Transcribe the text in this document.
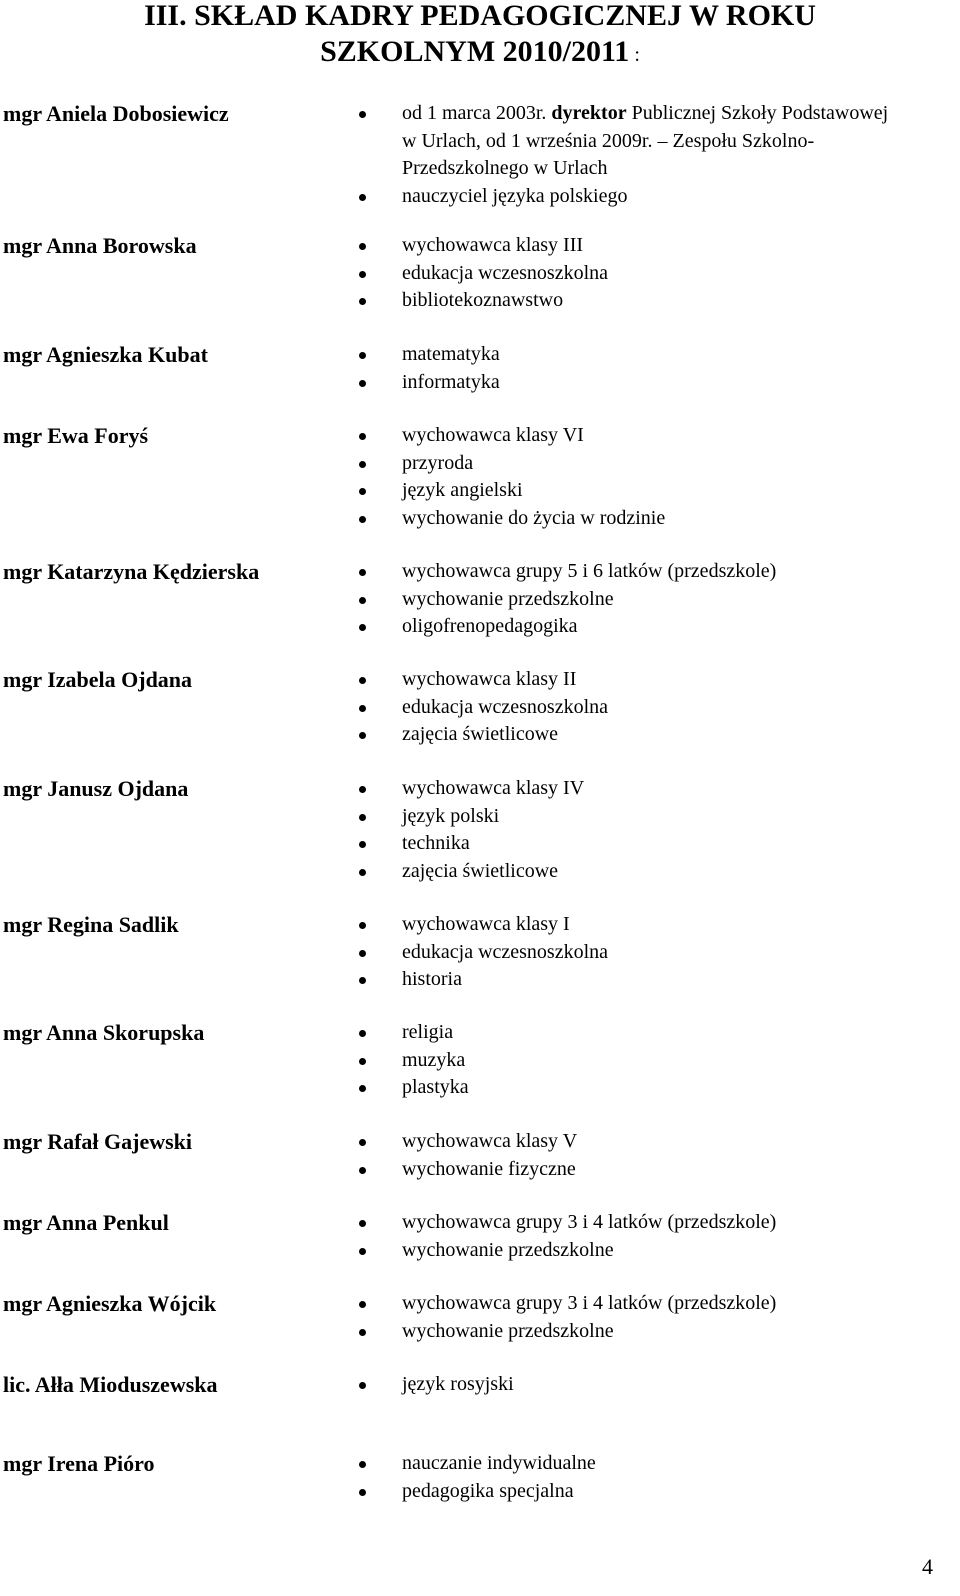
III. SKŁAD KADRY PEDAGOGICZNEJ W ROKU
SZKOLNYM 2010/2011 :
mgr Aniela Dobosiewicz	od 1 marca 2003r. dyrektor Publicznej Szkoły Podstawowej
w Urlach, od 1 września 2009r. – Zespołu Szkolno-
Przedszkolnego w Urlach
nauczyciel języka polskiego
mgr Anna Borowska	wychowawca klasy III
edukacja wczesnoszkolna
bibliotekoznawstwo
mgr Agnieszka Kubat	matematyka
informatyka
mgr Ewa Foryś	wychowawca klasy VI
przyroda
język angielski
wychowanie do życia w rodzinie
mgr Katarzyna Kędzierska	wychowawca grupy 5 i 6 latków (przedszkole)
wychowanie przedszkolne
oligofrenopedagogika
mgr Izabela Ojdana	wychowawca klasy II
edukacja wczesnoszkolna
zajęcia świetlicowe
mgr Janusz Ojdana	wychowawca klasy IV
język polski
technika
zajęcia świetlicowe
mgr Regina Sadlik	wychowawca klasy I
edukacja wczesnoszkolna
historia
mgr Anna Skorupska	religia
muzyka
plastyka
mgr Rafał Gajewski	wychowawca klasy V
wychowanie fizyczne
mgr Anna Penkul	wychowawca grupy 3 i 4 latków (przedszkole)
wychowanie przedszkolne
mgr Agnieszka Wójcik	wychowawca grupy 3 i 4 latków (przedszkole)
wychowanie przedszkolne
lic. Ałła Mioduszewska	język rosyjski
mgr Irena Pióro	nauczanie indywidualne
pedagogika specjalna
4
